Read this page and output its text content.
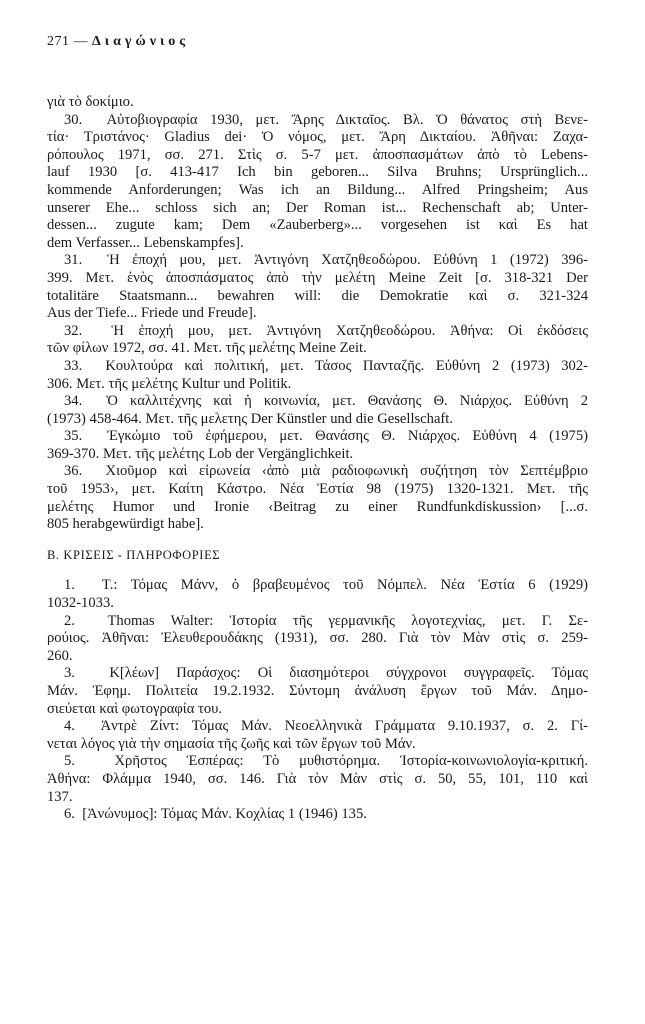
271 — Διαγώνιος
γιὰ τὸ δοκίμιο.
30. Αὐτοβιογραφία 1930, μετ. Ἄρης Δικταῖος. Βλ. Ὁ θάνατος στὴ Βενε-
τία· Τριστάνος· Gladius dei· Ὁ νόμος, μετ. Ἄρη Δικταίου. Ἀθῆναι: Ζαχα-
ρόπουλος 1971, σσ. 271. Στὶς σ. 5-7 μετ. ἀποσπασμάτων ἀπὸ τὸ Lebens-
lauf 1930 [σ. 413-417 Ich bin geboren... Silva Bruhns; Ursprünglich...
kommende Anforderungen; Was ich an Bildung... Alfred Pringsheim; Aus
unserer Ehe... schloss sich an; Der Roman ist... Rechenschaft ab; Unter-
dessen... zugute kam; Dem «Zauberberg»... vorgesehen ist καὶ Es hat
dem Verfasser... Lebenskampfes].
31. Ἡ ἐποχή μου, μετ. Ἀντιγόνη Χατζηθεοδώρου. Εὐθύνη 1 (1972) 396-
399. Μετ. ἑνὸς ἀποσπάσματος ἀπὸ τὴν μελέτη Meine Zeit [σ. 318-321 Der
totalitäre Staatsmann... bewahren will: die Demokratie καὶ σ. 321-324
Aus der Tiefe... Friede und Freude].
32. Ἡ ἐποχή μου, μετ. Ἀντιγόνη Χατζηθεοδώρου. Ἀθήνα: Οἱ ἐκδόσεις
τῶν φίλων 1972, σσ. 41. Μετ. τῆς μελέτης Meine Zeit.
33. Κουλτούρα καὶ πολιτική, μετ. Τάσος Πανταζῆς. Εὐθύνη 2 (1973) 302-
306. Μετ. τῆς μελέτης Kultur und Politik.
34. Ὁ καλλιτέχνης καὶ ἡ κοινωνία, μετ. Θανάσης Θ. Νιάρχος. Εὐθύνη 2
(1973) 458-464. Μετ. τῆς μελετης Der Künstler und die Gesellschaft.
35. Ἐγκώμιο τοῦ ἐφήμερου, μετ. Θανάσης Θ. Νιάρχος. Εὐθύνη 4 (1975)
369-370. Μετ. τῆς μελέτης Lob der Vergänglichkeit.
36. Χιοῦμορ καὶ εἰρωνεία ‹ἀπὸ μιὰ ραδιοφωνικὴ συζήτηση τὸν Σεπτέμβριο
τοῦ 1953›, μετ. Καίτη Κάστρο. Νέα Ἑστία 98 (1975) 1320-1321. Μετ. τῆς
μελέτης Humor und Ironie ‹Beitrag zu einer Rundfunkdiskussion› [...σ.
805 herabgewürdigt habe].
Β. ΚΡΙΣΕΙΣ - ΠΛΗΡΟΦΟΡΙΕΣ
1. Τ.: Τόμας Μάνν, ὁ βραβευμένος τοῦ Νόμπελ. Νέα Ἑστία 6 (1929)
1032-1033.
2. Thomas Walter: Ἱστορία τῆς γερμανικῆς λογοτεχνίας, μετ. Γ. Σε-
ρούιος. Ἀθῆναι: Ἐλευθερουδάκης (1931), σσ. 280. Γιὰ τὸν Μὰν στὶς σ. 259-
260.
3. Κ[λέων] Παράσχος: Οἱ διασημότεροι σύγχρονοι συγγραφεῖς. Τόμας
Μάν. Ἐφημ. Πολιτεία 19.2.1932. Σύντομη ἀνάλυση ἔργων τοῦ Μάν. Δημο-
σιεύεται καὶ φωτογραφία του.
4. Ἀντρὲ Ζίντ: Τόμας Μάν. Νεοελληνικὰ Γράμματα 9.10.1937, σ. 2. Γί-
νεται λόγος γιὰ τὴν σημασία τῆς ζωῆς καὶ τῶν ἔργων τοῦ Μάν.
5.	Χρῆστος Ἑσπέρας: Τὸ μυθιστόρημα. Ἱστορία-κοινωνιολογία-κριτική.
Ἀθήνα: Φλάμμα 1940, σσ. 146. Γιὰ τὸν Μὰν στὶς σ. 50, 55, 101, 110 καὶ
137.
6. [Ἀνώνυμος]: Τόμας Μάν. Κοχλίας 1 (1946) 135.
